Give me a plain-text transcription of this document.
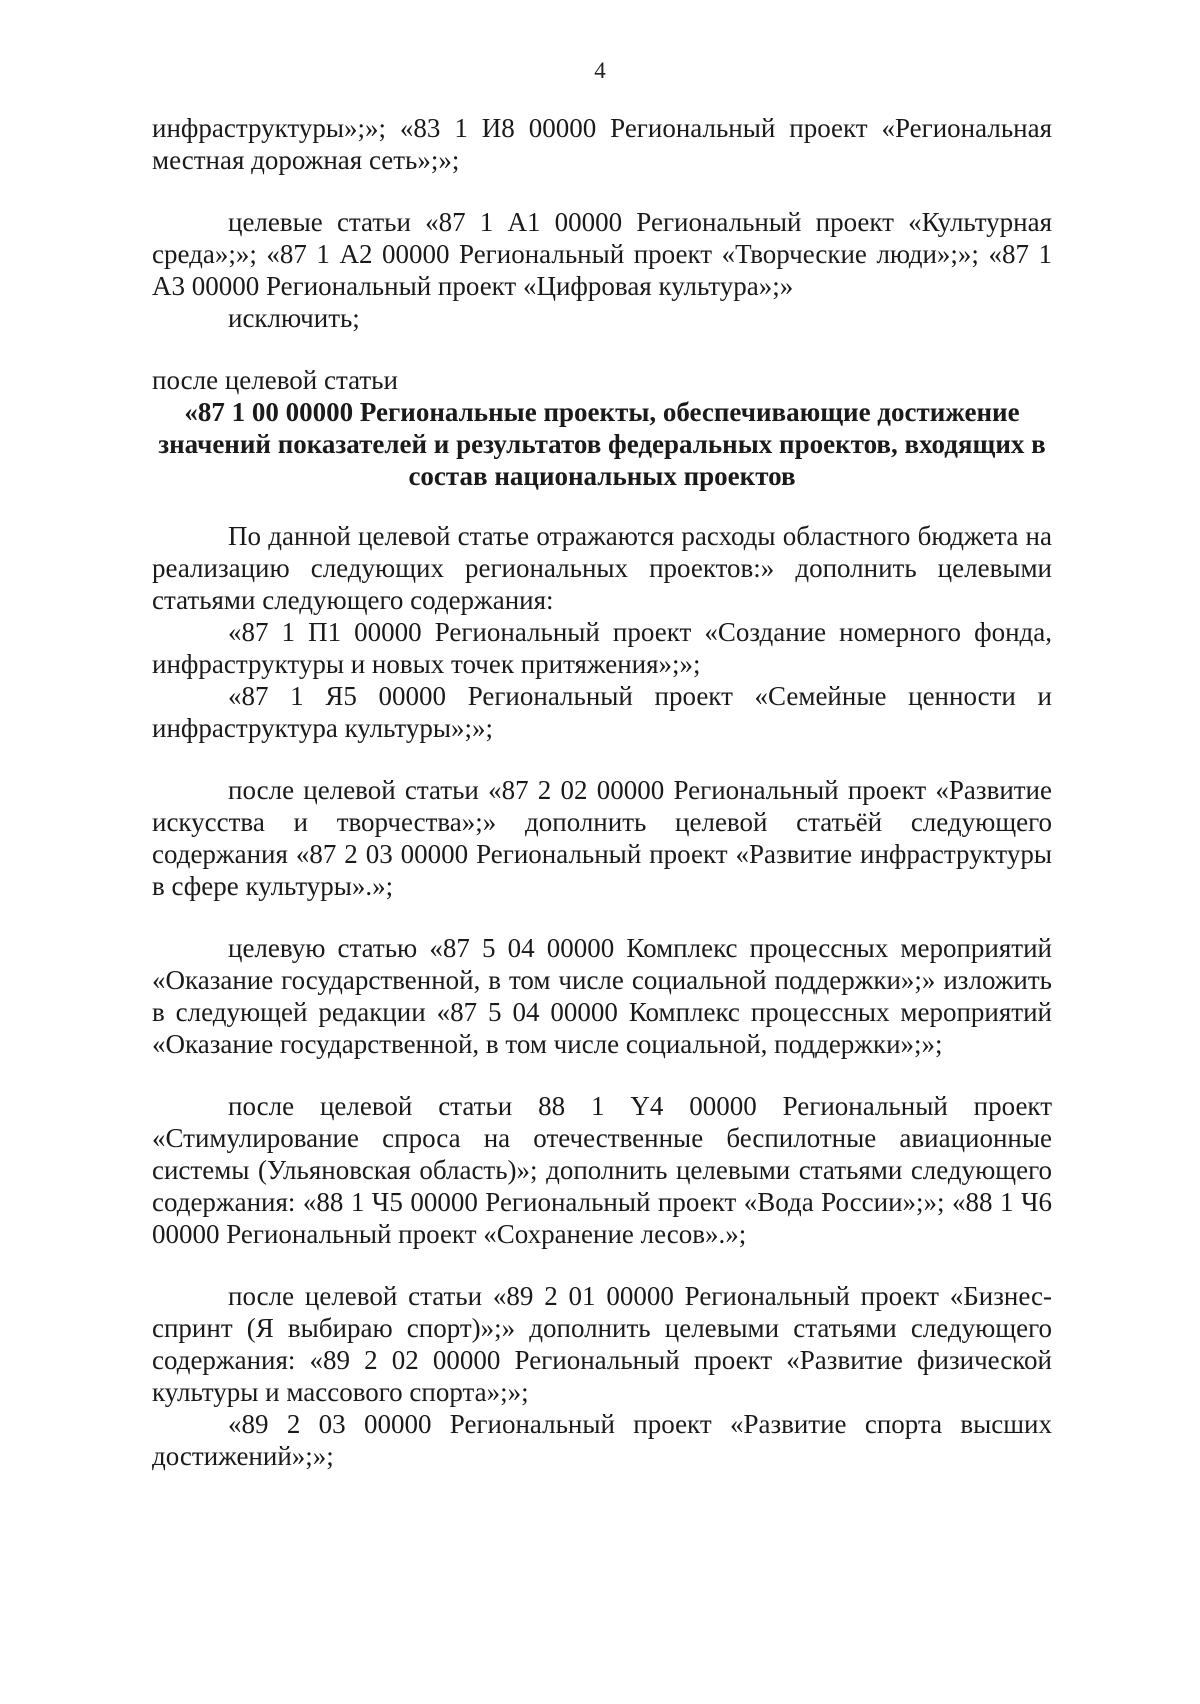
4

инфраструктуры»;»; «83 1 И8 00000 Региональный проект «Региональная местная дорожная сеть»;»;

целевые статьи «87 1 А1 00000 Региональный проект «Культурная среда»;»; «87 1 А2 00000 Региональный проект «Творческие люди»;»; «87 1 А3 00000 Региональный проект «Цифровая культура»;»

исключить;

после целевой статьи

«87 1 00 00000 Региональные проекты, обеспечивающие достижение значений показателей и результатов федеральных проектов, входящих в состав национальных проектов

По данной целевой статье отражаются расходы областного бюджета на реализацию следующих региональных проектов:» дополнить целевыми статьями следующего содержания:

«87 1 П1 00000 Региональный проект «Создание номерного фонда, инфраструктуры и новых точек притяжения»;»;

«87 1 Я5 00000 Региональный проект «Семейные ценности и инфраструктура культуры»;»;

после целевой статьи «87 2 02 00000 Региональный проект «Развитие искусства и творчества»;» дополнить целевой статьёй следующего содержания «87 2 03 00000 Региональный проект «Развитие инфраструктуры в сфере культуры».»;

целевую статью «87 5 04 00000 Комплекс процессных мероприятий «Оказание государственной, в том числе социальной поддержки»;» изложить в следующей редакции «87 5 04 00000 Комплекс процессных мероприятий «Оказание государственной, в том числе социальной, поддержки»;»;

после целевой статьи 88 1 Y4 00000 Региональный проект «Стимулирование спроса на отечественные беспилотные авиационные системы (Ульяновская область)»; дополнить целевыми статьями следующего содержания: «88 1 Ч5 00000 Региональный проект «Вода России»;»; «88 1 Ч6 00000 Региональный проект «Сохранение лесов».»;

после целевой статьи «89 2 01 00000 Региональный проект «Бизнес-спринт (Я выбираю спорт)»;» дополнить целевыми статьями следующего содержания: «89 2 02 00000 Региональный проект «Развитие физической культуры и массового спорта»;»;

«89 2 03 00000 Региональный проект «Развитие спорта высших достижений»;»;
